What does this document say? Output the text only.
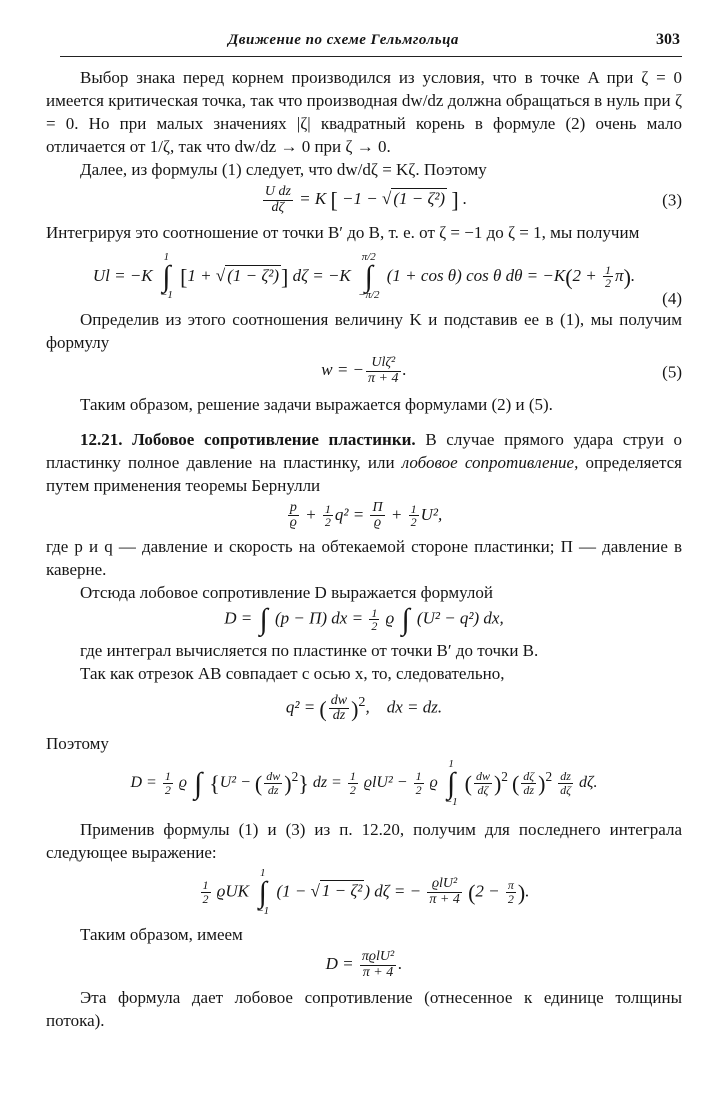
Движение по схеме Гельмгольца	303

Выбор знака перед корнем производился из условия, что в точке A при ζ = 0 имеется критическая точка, так что производная dw/dz должна обращаться в нуль при ζ = 0. Но при малых значениях |ζ| квадратный корень в формуле (2) очень мало отличается от 1/ζ, так что dw/dz → 0 при ζ → 0.

Далее, из формулы (1) следует, что dw/dζ = Kζ. Поэтому

$\frac{\text{U dz}}{d\zeta} = K$ [ −1 − √ (1 − ζ²) ] .	(3)

Интегрируя это соотношение от точки B′ до B, т. е. от ζ = −1 до ζ = 1, мы получим

Ul = −K
1
∫
−1
[1 + √ (1 − ζ²)] dζ = −K
π/2
∫
−π/2
(1 + cos θ) cos θ $d\theta = -K(2 + \frac{1}{2} \pi)$.
(4)

Определив из этого соотношения величину K и подставив ее в (1), мы получим формулу

w = − $\frac{\text{Ulζ²}}{\pi + 4}$ .	(5)

Таким образом, решение задачи выражается формулами (2) и (5).

12.21. Лобовое сопротивление пластинки. В случае прямого удара струи о пластинку полное давление на пластинку, или лобовое сопротивление, определяется путем применения теоремы Бернулли

$\frac{p}{ϱ} + \frac{1}{2} q^2 = \frac{\Pi}{ϱ} + \frac{1}{2} U^2$,

где p и q — давление и скорость на обтекаемой стороне пластинки; Π — давление в каверне.

Отсюда лобовое сопротивление D выражается формулой

D = ∫ (p − Π) dx = $\frac{1}{2}$ ϱ ∫ (U² − q²) dx,

где интеграл вычисляется по пластинке от точки B′ до точки B.

Так как отрезок AB совпадает с осью x, то, следовательно,

q² = ( $\frac{dw}{dz} )^2$,    dx = dz.

Поэтому

$D = \frac{1}{2}$ ϱ ∫ {U² − ( $\frac{dw}{dz} )^2$} dz = $\frac{1}{2} ϱlU^2 - \frac{1}{2}$ ϱ
1
∫
−1
( $\frac{dw}{d\zeta} )^2$ ( $\frac{d\zeta}{dz} )^2 \frac{dz}{d\zeta} d\zeta$.

Применив формулы (1) и (3) из п. 12.20, получим для последнего интеграла следующее выражение:

$\frac{1}{2}$ ϱUK
1
∫
−1
(1 − √ 1 − ζ² ) dζ = − $\frac{\text{ϱlU²}}{\pi + 4} (2 - \frac{\pi}{2}$ ).

Таким образом, имеем

$D = \frac{\text{πϱlU²}}{\pi + 4}$ .

Эта формула дает лобовое сопротивление (отнесенное к единице толщины потока).
